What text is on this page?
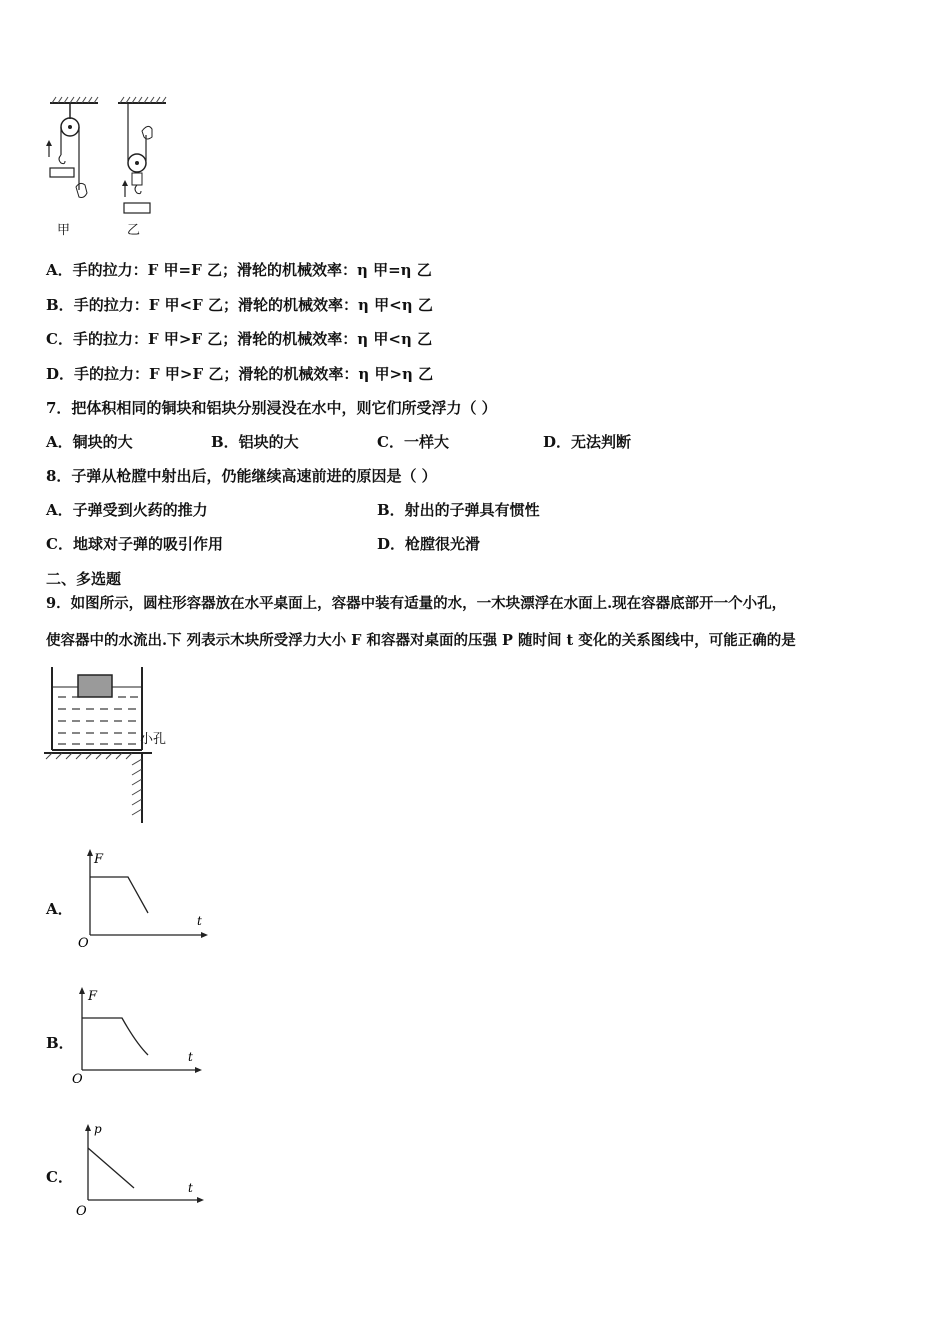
甲	乙
A．手的拉力：F 甲=F 乙；滑轮的机械效率：η 甲=η 乙
B．手的拉力：F 甲<F 乙；滑轮的机械效率：η 甲<η 乙
C．手的拉力：F 甲>F 乙；滑轮的机械效率：η 甲<η 乙
D．手的拉力：F 甲>F 乙；滑轮的机械效率：η 甲>η 乙
7．把体积相同的铜块和铝块分别浸没在水中，则它们所受浮力（ ）
A．铜块的大	B．铝块的大	C．一样大	D．无法判断
8．子弹从枪膛中射出后，仍能继续高速前进的原因是（ ）
A．子弹受到火药的推力	B．射出的子弹具有惯性
C．地球对子弹的吸引作用	D．枪膛很光滑
二、多选题
9．如图所示，圆柱形容器放在水平桌面上，容器中装有适量的水，一木块漂浮在水面上.现在容器底部开一个小孔，
使容器中的水流出.下 列表示木块所受浮力大小 F 和容器对桌面的压强 P 随时间 t 变化的关系图线中，可能正确的是
小孔
A．
F
t
O
B．
F
t
O
C．
p
t
O
